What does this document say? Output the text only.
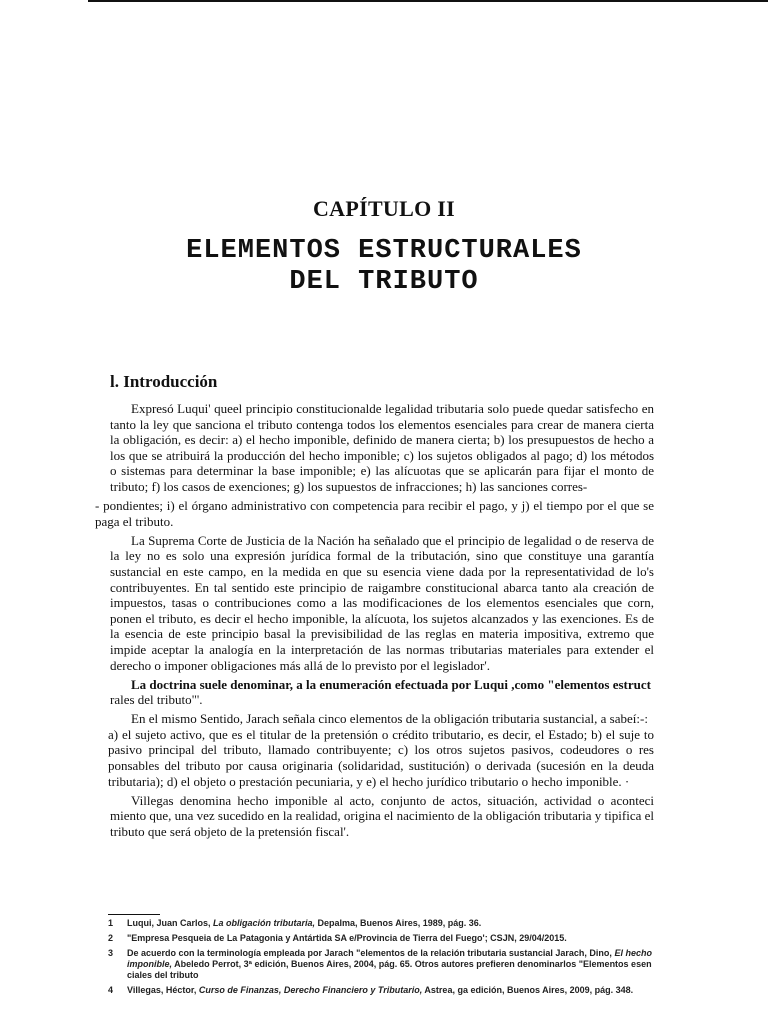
CAPÍTULO II
ELEMENTOS ESTRUCTURALES
DEL TRIBUTO
l. Introducción

Expresó Luqui' queel principio constitucionalde legalidad tributaria solo puede quedar satisfecho en tanto la ley que sanciona el tributo contenga todos los elementos esenciales para crear de manera cierta la obligación, es decir: a) el hecho imponible, definido de manera cierta; b) los presupuestos de hecho a los que se atribuirá la producción del hecho imponible; c) los sujetos obligados al pago; d) los métodos o sistemas para determinar la base imponible; e) las alícuotas que se aplicarán para fijar el monto de tributo; f) los casos de exenciones; g) los supuestos de infracciones; h) las sanciones corres-

- pondientes; i) el órgano administrativo con competencia para recibir el pago, y j) el tiempo por el que se paga el tributo.

La Suprema Corte de Justicia de la Nación ha señalado que el principio de legalidad o de reserva de la ley no es solo una expresión jurídica formal de la tributación, sino que constituye una garantía sustancial en este campo, en la medida en que su esencia viene dada por la representatividad de lo's contribuyentes. En tal sentido este principio de raigambre constitucional abarca tanto ala creación de impuestos, tasas o contribuciones como a las modificaciones de los elementos esenciales que corn, ponen el tributo, es decir el hecho imponible, la alícuota, los sujetos alcanzados y las exenciones. Es de la esencia de este principio basal la previsibilidad de las reglas en materia impositiva, extremo que impide aceptar la analogía en la interpretación de las normas tributarias materiales para extender el derecho o imponer obligaciones más allá de lo previsto por el legislador'.

La doctrina suele denominar, a la enumeración efectuada por Luqui ,como "elementos estruct

rales del tributo"'.

En el mismo Sentido, Jarach señala cinco elementos de la obligación tributaria sustancial, a sabeí:-:

a) el sujeto activo, que es el titular de la pretensión o crédito tributario, es decir, el Estado; b) el suje to pasivo principal del tributo, llamado contribuyente; c) los otros sujetos pasivos, codeudores o res ponsables del tributo por causa originaria (solidaridad, sustitución) o derivada (sucesión en la deuda tributaria); d) el objeto o prestación pecuniaria, y e) el hecho jurídico tributario o hecho imponible. ·

Villegas denomina hecho imponible al acto, conjunto de actos, situación, actividad o aconteci miento que, una vez sucedido en la realidad, origina el nacimiento de la obligación tributaria y tipifica el tributo que será objeto de la pretensión fiscal'.

1	Luqui, Juan Carlos, La obligación tributaria, Depalma, Buenos Aires, 1989, pág. 36.
2	"Empresa Pesqueia de La Patagonia y Antártida SA e/Provincia de Tierra del Fuego'; CSJN, 29/04/2015.
3	De acuerdo con la terminología empleada por Jarach "elementos de la relación tributaria sustancial Jarach, Dino, El hecho imponible, Abeledo Perrot, 3ª edición, Buenos Aires, 2004, pág. 65. Otros autores prefieren denominarlos "Elementos esen ciales del tributo
4	Villegas, Héctor, Curso de Finanzas, Derecho Financiero y Tributario, Astrea, ga edición, Buenos Aires, 2009, pág. 348.
